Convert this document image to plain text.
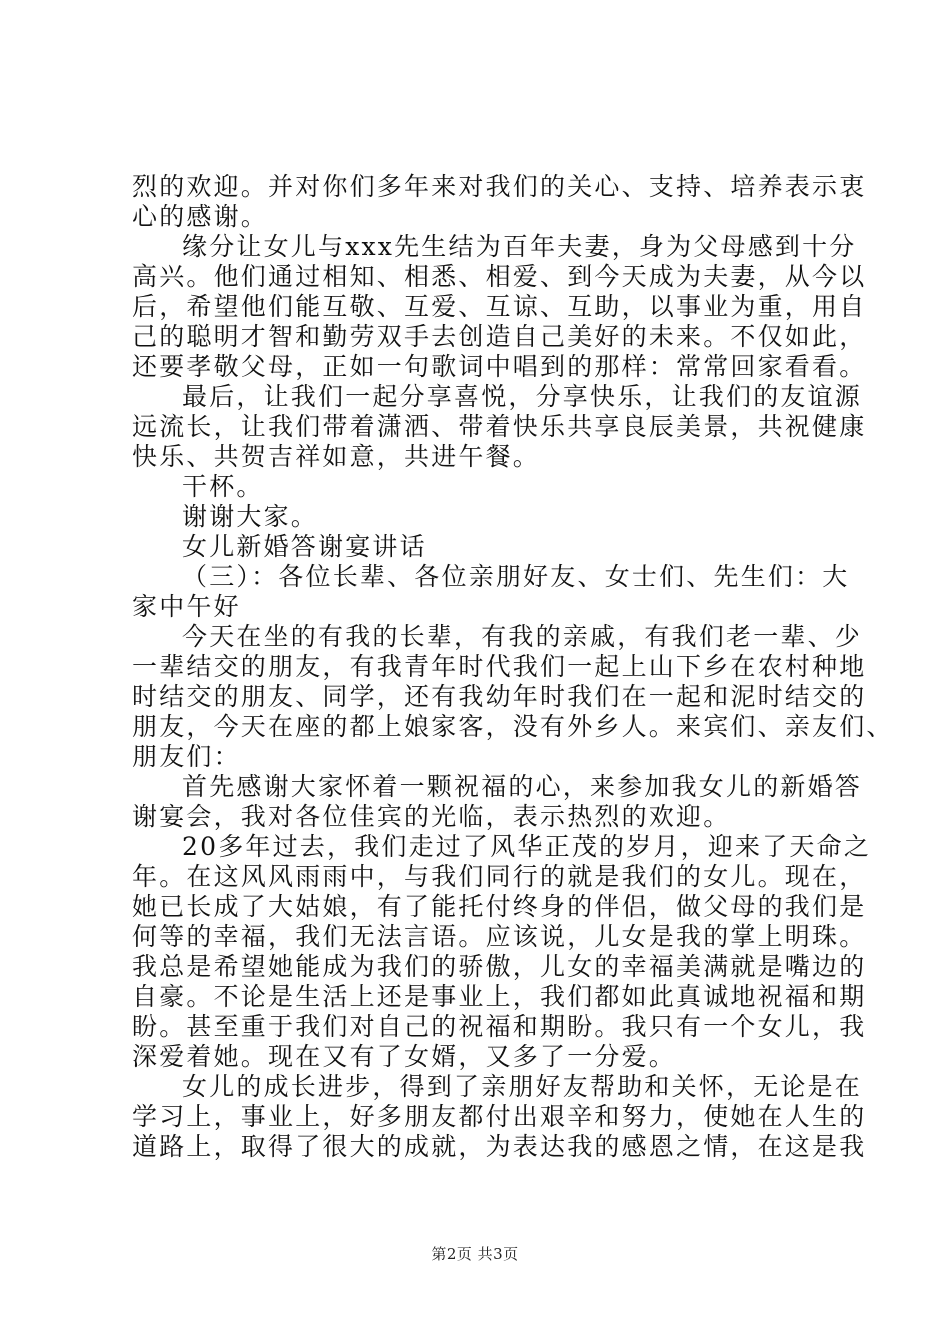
烈的欢迎。并对你们多年来对我们的关心、支持、培养表示衷
心的感谢。
缘分让女儿与xxx先生结为百年夫妻，身为父母感到十分
高兴。他们通过相知、相悉、相爱、到今天成为夫妻，从今以
后，希望他们能互敬、互爱、互谅、互助，以事业为重，用自
己的聪明才智和勤劳双手去创造自己美好的未来。不仅如此，
还要孝敬父母，正如一句歌词中唱到的那样：常常回家看看。
最后，让我们一起分享喜悦，分享快乐，让我们的友谊源
远流长，让我们带着潇洒、带着快乐共享良辰美景，共祝健康
快乐、共贺吉祥如意，共进午餐。
干杯。
谢谢大家。
女儿新婚答谢宴讲话
（三）：各位长辈、各位亲朋好友、女士们、先生们：大
家中午好
今天在坐的有我的长辈，有我的亲戚，有我们老一辈、少
一辈结交的朋友，有我青年时代我们一起上山下乡在农村种地
时结交的朋友、同学，还有我幼年时我们在一起和泥时结交的
朋友，今天在座的都上娘家客，没有外乡人。来宾们、亲友们、
朋友们：
首先感谢大家怀着一颗祝福的心，来参加我女儿的新婚答
谢宴会，我对各位佳宾的光临，表示热烈的欢迎。
20多年过去，我们走过了风华正茂的岁月，迎来了天命之
年。在这风风雨雨中，与我们同行的就是我们的女儿。现在，
她已长成了大姑娘，有了能托付终身的伴侣，做父母的我们是
何等的幸福，我们无法言语。应该说，儿女是我的掌上明珠。
我总是希望她能成为我们的骄傲，儿女的幸福美满就是嘴边的
自豪。不论是生活上还是事业上，我们都如此真诚地祝福和期
盼。甚至重于我们对自己的祝福和期盼。我只有一个女儿，我
深爱着她。现在又有了女婿，又多了一分爱。
女儿的成长进步，得到了亲朋好友帮助和关怀，无论是在
学习上，事业上，好多朋友都付出艰辛和努力，使她在人生的
道路上，取得了很大的成就，为表达我的感恩之情，在这是我
第2页 共3页
